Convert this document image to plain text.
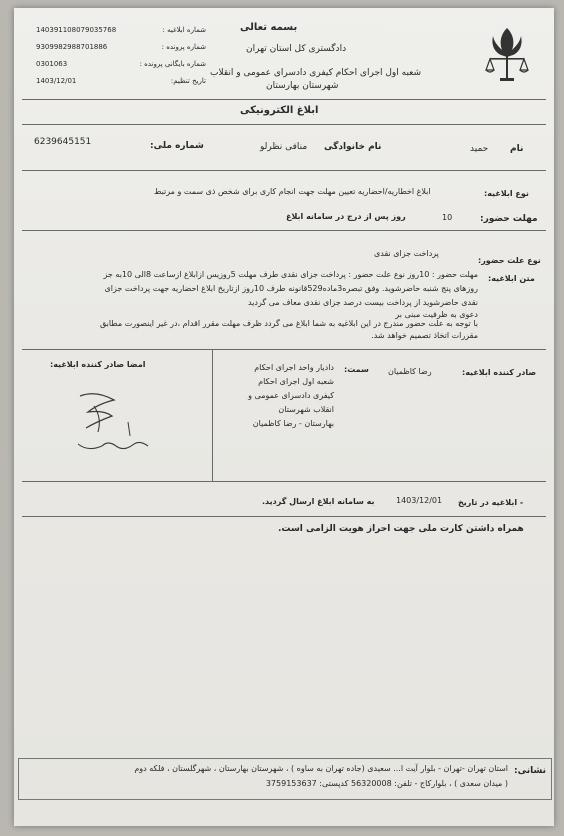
بسمه تعالی
دادگستری کل استان تهران
شعبه اول اجرای احکام کیفری دادسرای عمومی و انقلاب
شهرستان بهارستان
شماره ابلاغیه :
شماره پرونده :
شماره بایگانی پرونده :
تاریخ تنظیم:
140391108079035768
9309982988701886
0301063
1403/12/01
ابلاغ الکترونیکی
نام
حمید
نام خانوادگی
منافی نظرلو
شماره ملی:
6239645151
نوع ابلاغیه:
ابلاغ اخطاریه/احضاریه تعیین مهلت جهت انجام کاری برای شخص ذی سمت و مرتبط
مهلت حضور:
10
روز پس از درج در سامانه ابلاغ
نوع علت حضور:
پرداخت جزای نقدی
متن ابلاغیه:
مهلت حضور : 10روز نوع علت حضور : پرداخت جزای نقدی طرف مهلت 5روزیس ازابلاغ ازساعت 8الی 10به جز
روزهای پنج شنبه حاضرشوید. وفق تبصره3ماده529قانونه طرف 10روز ازتاریخ ابلاغ احضاریه جهت پرداخت جزای
نقدی حاضرشوید از پرداخت بیست درصد جزای نقدی معاف می گردید
دعوی به ظرفیت مبنی بر
با توجه به علت حضور مندرج در این ابلاغیه به شما ابلاغ می گردد ظرف مهلت مقرر اقدام ،در غیر اینصورت مطابق
مقررات اتخاذ تصمیم خواهد شد.
صادر کننده ابلاغیه:
رضا کاظمیان
سمت:
دادیار واحد اجرای احکام
شعبه اول اجرای احکام
کیفری دادسرای عمومی و
انقلاب شهرستان
بهارستان - رضا کاظمیان
امضا صادر کننده ابلاغیه:
- ابلاغیه در تاریخ
1403/12/01
به سامانه ابلاغ ارسال گردید.
همراه داشتن کارت ملی جهت احراز هویت الزامی است.
نشانی:
استان تهران -تهران - بلوار آیت ا... سعیدی (جاده تهران به ساوه ) ، شهرستان بهارستان ، شهرگلستان ، فلکه دوم
( میدان سعدی ) ، بلوارکاج - تلفن: 56320008 کدپستی: 3759153637
